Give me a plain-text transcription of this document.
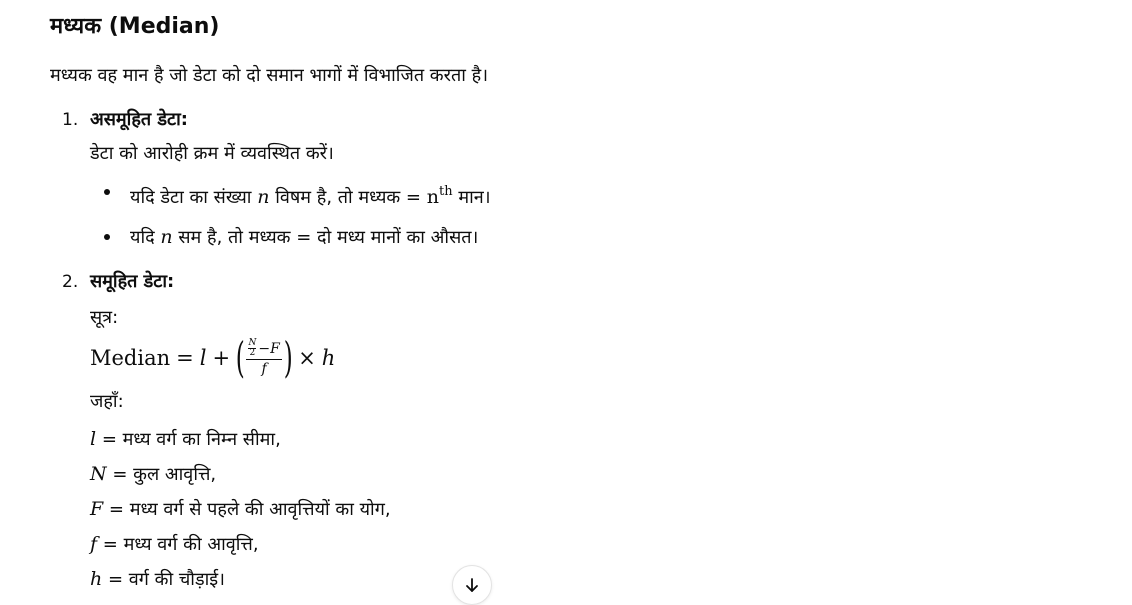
मध्यक (Median)
मध्यक वह मान है जो डेटा को दो समान भागों में विभाजित करता है।
1. असमूहित डेटा:
डेटा को आरोही क्रम में व्यवस्थित करें।
यदि डेटा का संख्या n विषम है, तो मध्यक = $n^{th}$ मान।
यदि n सम है, तो मध्यक = दो मध्य मानों का औसत।
2. समूहित डेटा:
सूत्र:
Median = l + ( $\frac{\frac{N}{2} - F}{f}$ ) × h
जहाँ:
l = मध्य वर्ग का निम्न सीमा,
N = कुल आवृत्ति,
F = मध्य वर्ग से पहले की आवृत्तियों का योग,
f = मध्य वर्ग की आवृत्ति,
h = वर्ग की चौड़ाई।
